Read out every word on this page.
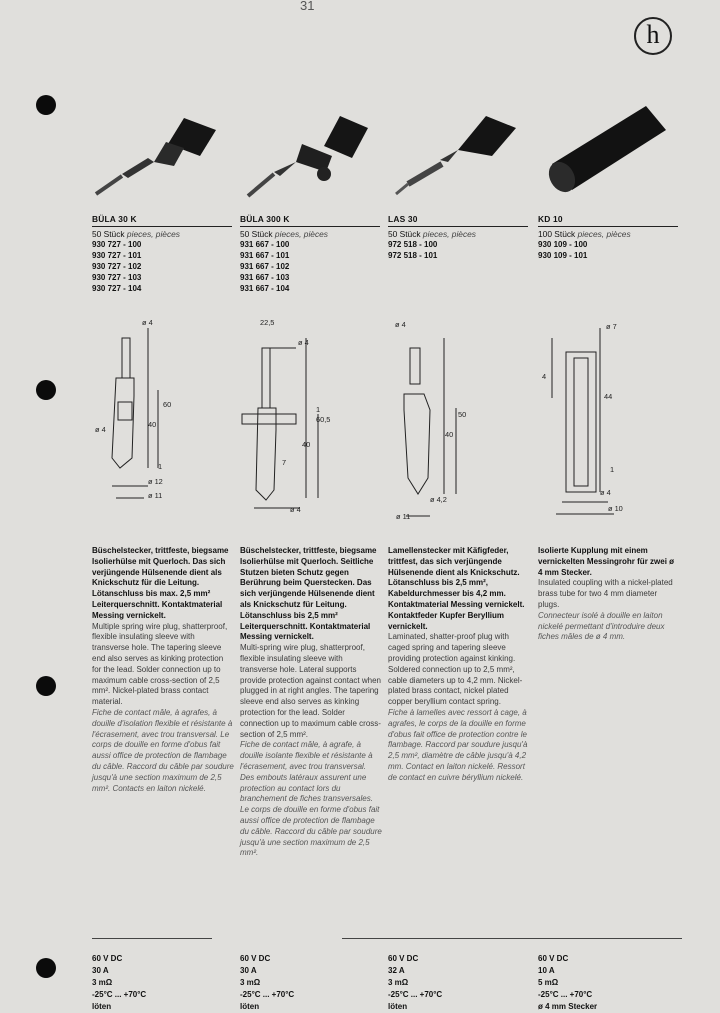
31
h
BÜLA 30 K
50 Stück pieces, pièces
930 727 - 100
930 727 - 101
930 727 - 102
930 727 - 103
930 727 - 104
BÜLA 300 K
50 Stück pieces, pièces
931 667 - 100
931 667 - 101
931 667 - 102
931 667 - 103
931 667 - 104
LAS 30
50 Stück pieces, pièces
972 518 - 100
972 518 - 101
KD 10
100 Stück pieces, pièces
930 109 - 100
930 109 - 101
ø 4
ø 4
60
40
1
ø 12
ø 11
22,5
ø 4
60,5
40
1
ø 4
7
ø 4
50
40
ø 4,2
ø 11
ø 7
4
44
1
ø 4
ø 10
Büschelstecker, trittfeste, biegsame Isolierhülse mit Querloch. Das sich verjüngende Hülsenende dient als Knickschutz für die Leitung. Lötanschluss bis max. 2,5 mm² Leiterquerschnitt. Kontaktmaterial Messing vernickelt.
Multiple spring wire plug, shatterproof, flexible insulating sleeve with transverse hole. The tapering sleeve end also serves as kinking protection for the lead. Solder connection up to maximum cable cross-section of 2,5 mm². Nickel-plated brass contact material.
Fiche de contact mâle, à agrafes, à douille d'isolation flexible et résistante à l'écrasement, avec trou transversal. Le corps de douille en forme d'obus fait aussi office de protection de flambage du câble. Raccord du câble par soudure jusqu'à une section maximum de 2,5 mm². Contacts en laiton nickelé.
Büschelstecker, trittfeste, biegsame Isolierhülse mit Querloch. Seitliche Stutzen bieten Schutz gegen Berührung beim Querstecken. Das sich verjüngende Hülsenende dient als Knickschutz für Leitung. Lötanschluss bis 2,5 mm² Leiterquerschnitt. Kontaktmaterial Messing vernickelt.
Multi-spring wire plug, shatterproof, flexible insulating sleeve with transverse hole. Lateral supports provide protection against contact when plugged in at right angles. The tapering sleeve end also serves as kinking protection for the lead. Solder connection up to maximum cable cross-section of 2,5 mm².
Fiche de contact mâle, à agrafe, à douille isolante flexible et résistante à l'écrasement, avec trou transversal. Des embouts latéraux assurent une protection au contact lors du branchement de fiches transversales. Le corps de douille en forme d'obus fait aussi office de protection de flambage du câble. Raccord du câble par soudure jusqu'à une section maximum de 2,5 mm².
Lamellenstecker mit Käfigfeder, trittfest, das sich verjüngende Hülsenende dient als Knickschutz. Lötanschluss bis 2,5 mm², Kabeldurchmesser bis 4,2 mm. Kontaktmaterial Messing vernickelt. Kontaktfeder Kupfer Beryllium vernickelt.
Laminated, shatter-proof plug with caged spring and tapering sleeve providing protection against kinking. Soldered connection up to 2,5 mm², cable diameters up to 4,2 mm. Nickel-plated brass contact, nickel plated copper beryllium contact spring.
Fiche à lamelles avec ressort à cage, à agrafes, le corps de la douille en forme d'obus fait office de protection contre le flambage. Raccord par soudure jusqu'à 2,5 mm², diamètre de câble jusqu'à 4,2 mm. Contact en laiton nickelé. Ressort de contact en cuivre béryllium nickelé.
Isolierte Kupplung mit einem vernickelten Messingrohr für zwei ø 4 mm Stecker.
Insulated coupling with a nickel-plated brass tube for two 4 mm diameter plugs.
Connecteur isolé à douille en laiton nickelé permettant d'introduire deux fiches mâles de ø 4 mm.
60 V DC
30 A
3 mΩ
-25°C ... +70°C
löten
60 V DC
30 A
3 mΩ
-25°C ... +70°C
löten
60 V DC
32 A
3 mΩ
-25°C ... +70°C
löten
60 V DC
10 A
5 mΩ
-25°C ... +70°C
ø 4 mm Stecker
